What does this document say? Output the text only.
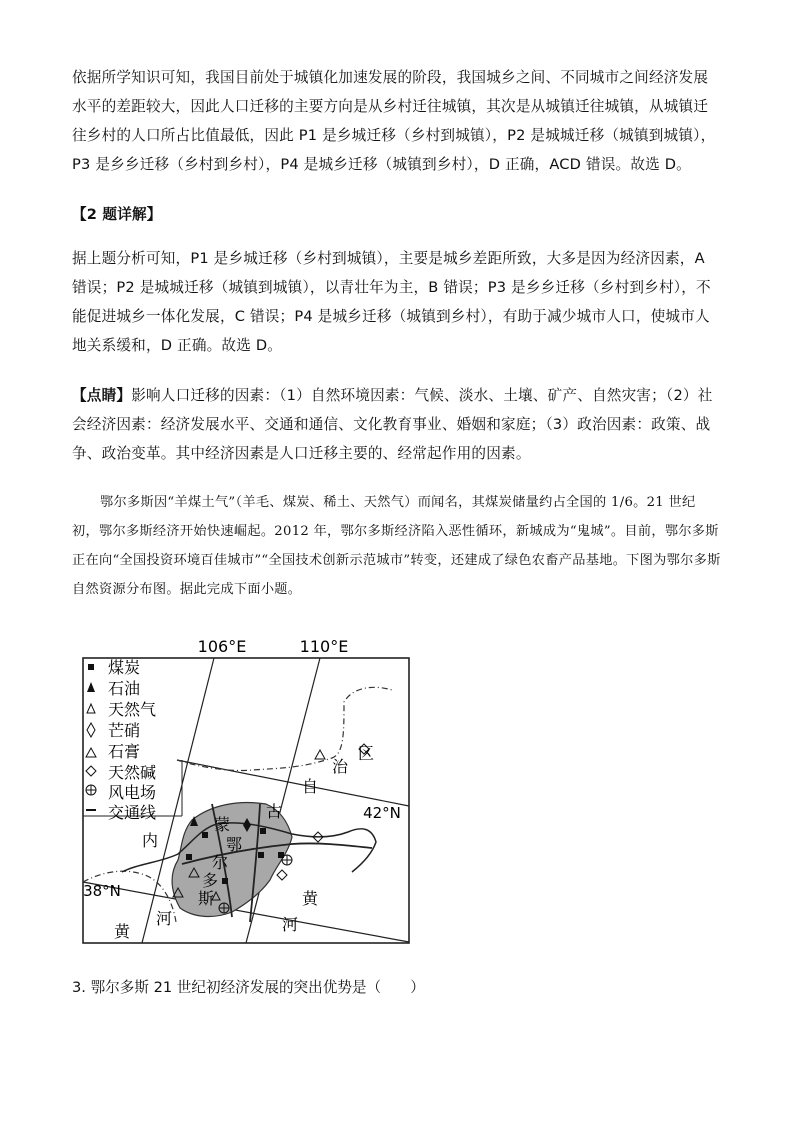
依据所学知识可知，我国目前处于城镇化加速发展的阶段，我国城乡之间、不同城市之间经济发展水平的差距较大，因此人口迁移的主要方向是从乡村迁往城镇，其次是从城镇迁往城镇，从城镇迁往乡村的人口所占比值最低，因此 P1 是乡城迁移（乡村到城镇），P2 是城城迁移（城镇到城镇），P3 是乡乡迁移（乡村到乡村），P4 是城乡迁移（城镇到乡村），D 正确，ACD 错误。故选 D。
【2 题详解】
据上题分析可知，P1 是乡城迁移（乡村到城镇），主要是城乡差距所致，大多是因为经济因素，A 错误；P2 是城城迁移（城镇到城镇），以青壮年为主，B 错误；P3 是乡乡迁移（乡村到乡村），不能促进城乡一体化发展，C 错误；P4 是城乡迁移（城镇到乡村），有助于减少城市人口，使城市人地关系缓和，D 正确。故选 D。
【点睛】影响人口迁移的因素：（1）自然环境因素：气候、淡水、土壤、矿产、自然灾害；（2）社会经济因素：经济发展水平、交通和通信、文化教育事业、婚姻和家庭；（3）政治因素：政策、战争、政治变革。其中经济因素是人口迁移主要的、经常起作用的因素。
鄂尔多斯因“羊煤土气”（羊毛、煤炭、稀土、天然气）而闻名，其煤炭储量约占全国的 1/6。21 世纪初，鄂尔多斯经济开始快速崛起。2012 年，鄂尔多斯经济陷入恶性循环，新城成为“鬼城”。目前，鄂尔多斯正在向“全国投资环境百佳城市”“全国技术创新示范城市”转变，还建成了绿色农畜产品基地。下图为鄂尔多斯自然资源分布图。据此完成下面小题。
106°E	110°E
42°N
38°N
煤炭
石油
天然气
芒硝
石膏
天然碱
风电场
交通线
内
蒙
古
自
治
区
鄂
尔
多
斯
黄
河
黄
河
3. 鄂尔多斯 21 世纪初经济发展的突出优势是（　　）
